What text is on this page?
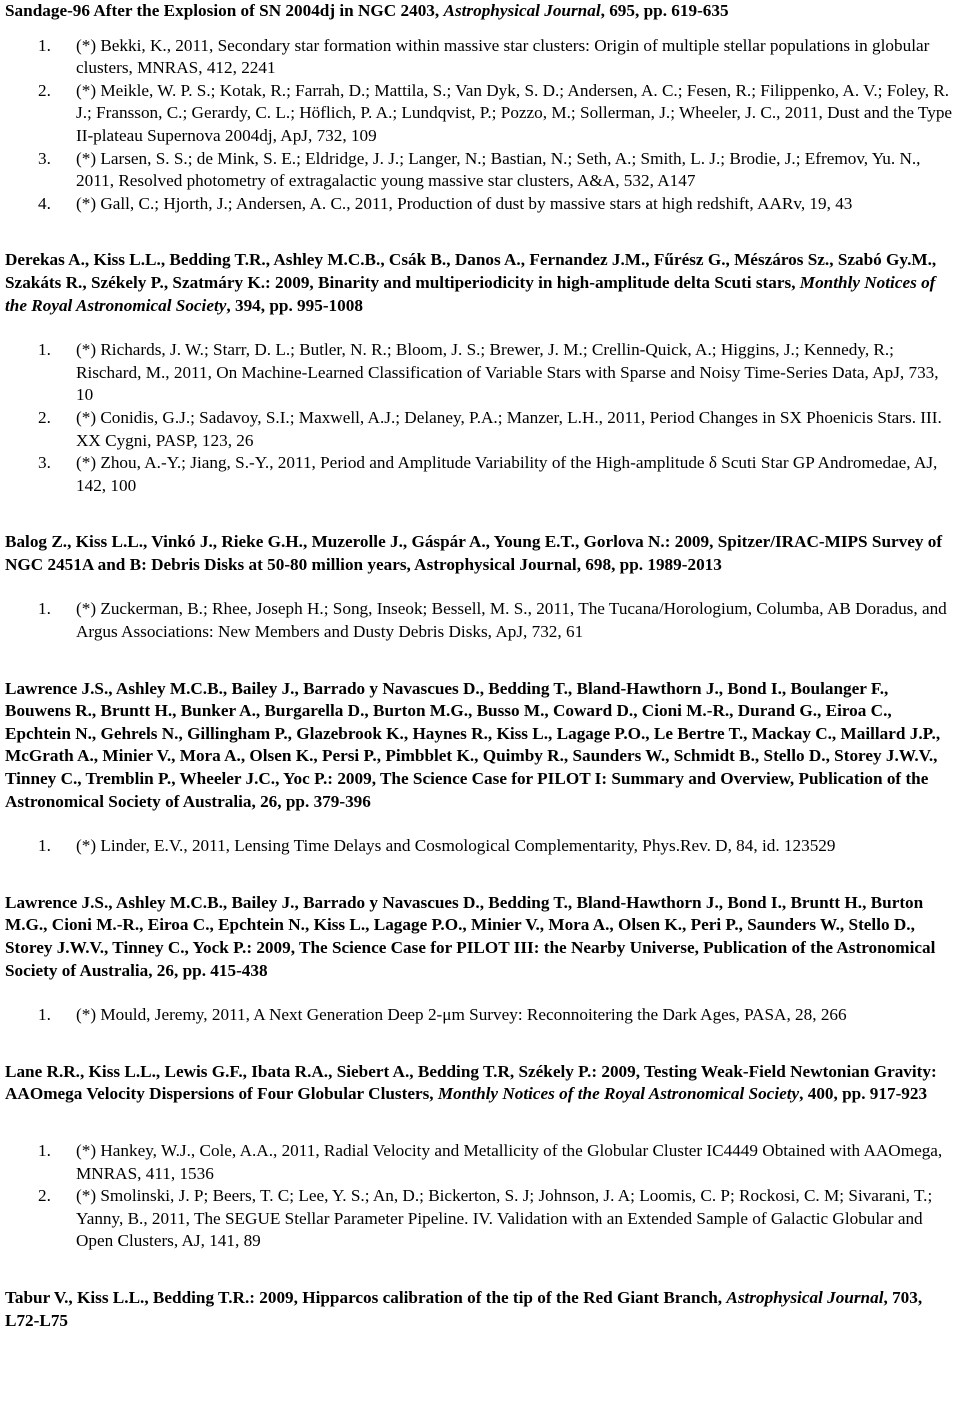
Sandage-96 After the Explosion of SN 2004dj in NGC 2403, Astrophysical Journal, 695, pp. 619-635

1. (*) Bekki, K., 2011, Secondary star formation within massive star clusters: Origin of multiple stellar populations in globular clusters, MNRAS, 412, 2241
2. (*) Meikle, W. P. S.; Kotak, R.; Farrah, D.; Mattila, S.; Van Dyk, S. D.; Andersen, A. C.; Fesen, R.; Filippenko, A. V.; Foley, R. J.; Fransson, C.; Gerardy, C. L.; Höflich, P. A.; Lundqvist, P.; Pozzo, M.; Sollerman, J.; Wheeler, J. C., 2011, Dust and the Type II-plateau Supernova 2004dj, ApJ, 732, 109
3. (*) Larsen, S. S.; de Mink, S. E.; Eldridge, J. J.; Langer, N.; Bastian, N.; Seth, A.; Smith, L. J.; Brodie, J.; Efremov, Yu. N., 2011, Resolved photometry of extragalactic young massive star clusters, A&A, 532, A147
4. (*) Gall, C.; Hjorth, J.; Andersen, A. C., 2011, Production of dust by massive stars at high redshift, AARv, 19, 43

Derekas A., Kiss L.L., Bedding T.R., Ashley M.C.B., Csák B., Danos A., Fernandez J.M., Fűrész G., Mészáros Sz., Szabó Gy.M., Szakáts R., Székely P., Szatmáry K.: 2009, Binarity and multiperiodicity in high-amplitude delta Scuti stars, Monthly Notices of the Royal Astronomical Society, 394, pp. 995-1008

1. (*) Richards, J. W.; Starr, D. L.; Butler, N. R.; Bloom, J. S.; Brewer, J. M.; Crellin-Quick, A.; Higgins, J.; Kennedy, R.; Rischard, M., 2011, On Machine-Learned Classification of Variable Stars with Sparse and Noisy Time-Series Data, ApJ, 733, 10
2. (*) Conidis, G.J.; Sadavoy, S.I.; Maxwell, A.J.; Delaney, P.A.; Manzer, L.H., 2011, Period Changes in SX Phoenicis Stars. III. XX Cygni, PASP, 123, 26
3. (*) Zhou, A.-Y.; Jiang, S.-Y., 2011, Period and Amplitude Variability of the High-amplitude δ Scuti Star GP Andromedae, AJ, 142, 100

Balog Z., Kiss L.L., Vinkó J., Rieke G.H., Muzerolle J., Gáspár A., Young E.T., Gorlova N.: 2009, Spitzer/IRAC-MIPS Survey of NGC 2451A and B: Debris Disks at 50-80 million years, Astrophysical Journal, 698, pp. 1989-2013

1. (*) Zuckerman, B.; Rhee, Joseph H.; Song, Inseok; Bessell, M. S., 2011, The Tucana/Horologium, Columba, AB Doradus, and Argus Associations: New Members and Dusty Debris Disks, ApJ, 732, 61

Lawrence J.S., Ashley M.C.B., Bailey J., Barrado y Navascues D., Bedding T., Bland-Hawthorn J., Bond I., Boulanger F., Bouwens R., Bruntt H., Bunker A., Burgarella D., Burton M.G., Busso M., Coward D., Cioni M.-R., Durand G., Eiroa C., Epchtein N., Gehrels N., Gillingham P., Glazebrook K., Haynes R., Kiss L., Lagage P.O., Le Bertre T., Mackay C., Maillard J.P., McGrath A., Minier V., Mora A., Olsen K., Persi P., Pimbblet K., Quimby R., Saunders W., Schmidt B., Stello D., Storey J.W.V., Tinney C., Tremblin P., Wheeler J.C., Yoc P.: 2009, The Science Case for PILOT I: Summary and Overview, Publication of the Astronomical Society of Australia, 26, pp. 379-396

1. (*) Linder, E.V., 2011, Lensing Time Delays and Cosmological Complementarity, Phys.Rev. D, 84, id. 123529

Lawrence J.S., Ashley M.C.B., Bailey J., Barrado y Navascues D., Bedding T., Bland-Hawthorn J., Bond I., Bruntt H., Burton M.G., Cioni M.-R., Eiroa C., Epchtein N., Kiss L., Lagage P.O., Minier V., Mora A., Olsen K., Peri P., Saunders W., Stello D., Storey J.W.V., Tinney C., Yock P.: 2009, The Science Case for PILOT III: the Nearby Universe, Publication of the Astronomical Society of Australia, 26, pp. 415-438

1. (*) Mould, Jeremy, 2011, A Next Generation Deep 2-μm Survey: Reconnoitering the Dark Ages, PASA, 28, 266

Lane R.R., Kiss L.L., Lewis G.F., Ibata R.A., Siebert A., Bedding T.R, Székely P.: 2009, Testing Weak-Field Newtonian Gravity: AAOmega Velocity Dispersions of Four Globular Clusters, Monthly Notices of the Royal Astronomical Society, 400, pp. 917-923

1. (*) Hankey, W.J., Cole, A.A., 2011, Radial Velocity and Metallicity of the Globular Cluster IC4449 Obtained with AAOmega, MNRAS, 411, 1536
2. (*) Smolinski, J. P; Beers, T. C; Lee, Y. S.; An, D.; Bickerton, S. J; Johnson, J. A; Loomis, C. P; Rockosi, C. M; Sivarani, T.; Yanny, B., 2011, The SEGUE Stellar Parameter Pipeline. IV. Validation with an Extended Sample of Galactic Globular and Open Clusters, AJ, 141, 89

Tabur V., Kiss L.L., Bedding T.R.: 2009, Hipparcos calibration of the tip of the Red Giant Branch, Astrophysical Journal, 703, L72-L75
